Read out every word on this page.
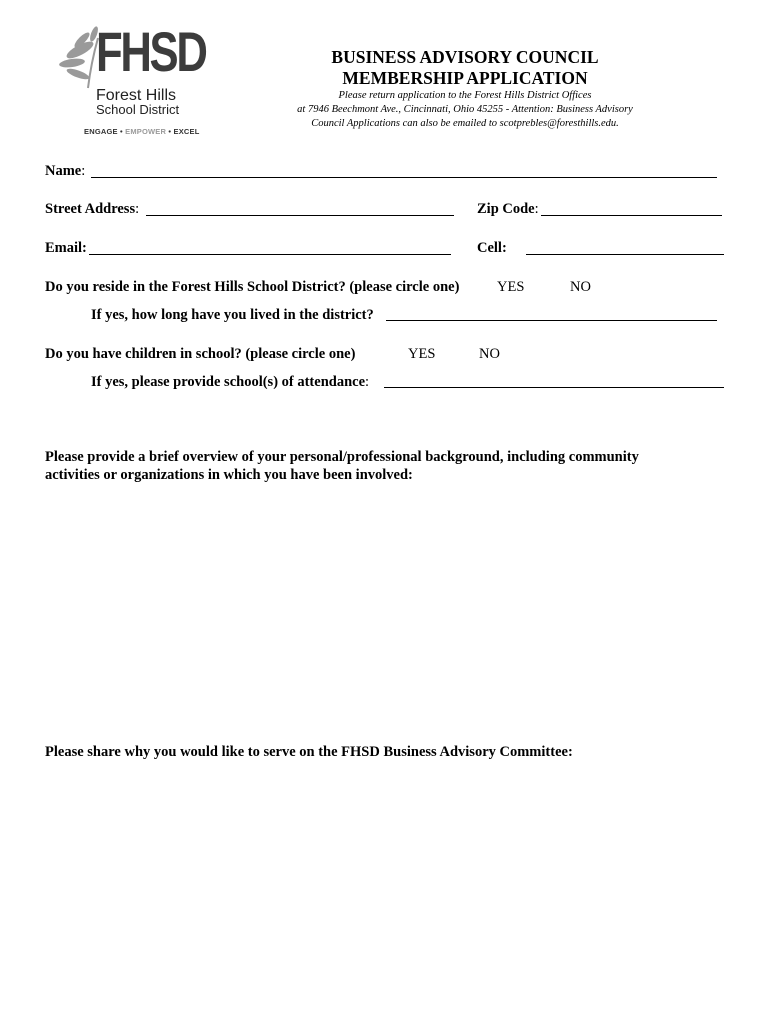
FHSD
Forest Hills
School District
ENGAGE • EMPOWER • EXCEL
BUSINESS ADVISORY COUNCIL
MEMBERSHIP APPLICATION
Please return application to the Forest Hills District Offices
at 7946 Beechmont Ave., Cincinnati, Ohio 45255 - Attention: Business Advisory
Council Applications can also be emailed to scotprebles@foresthills.edu.
Name:
Street Address:	Zip Code:
Email:	Cell:
Do you reside in the Forest Hills School District? (please circle one)	YES	NO
If yes, how long have you lived in the district?
Do you have children in school? (please circle one)	YES	NO
If yes, please provide school(s) of attendance:
Please provide a brief overview of your personal/professional background, including community
activities or organizations in which you have been involved:
Please share why you would like to serve on the FHSD Business Advisory Committee:
